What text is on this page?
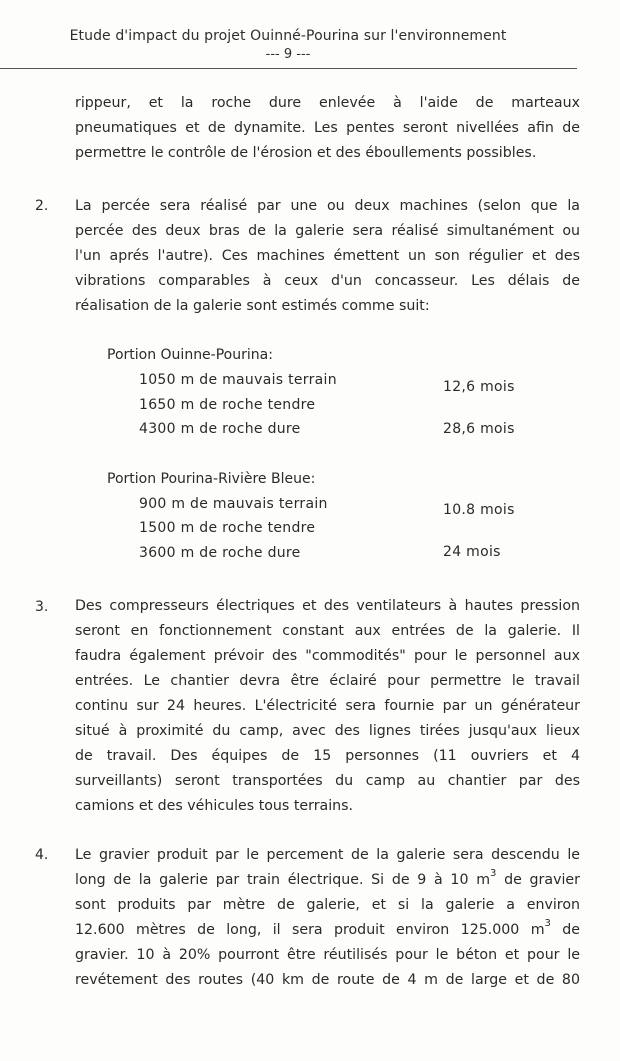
Etude d'impact du projet Ouinné-Pourina sur l'environnement
--- 9 ---
rippeur, et la roche dure enlevée à l'aide de marteaux
pneumatiques et de dynamite. Les pentes seront nivellées afin de
permettre le contrôle de l'érosion et des éboullements possibles.
2. La percée sera réalisé par une ou deux machines (selon que la
percée des deux bras de la galerie sera réalisé simultanément ou
l'un aprés l'autre). Ces machines émettent un son régulier et des
vibrations comparables à ceux d'un concasseur. Les délais de
réalisation de la galerie sont estimés comme suit:
Portion Ouinne-Pourina:
1050 m de mauvais terrain	12,6 mois
1650 m de roche tendre
4300 m de roche dure	28,6 mois
Portion Pourina-Rivière Bleue:
900 m de mauvais terrain	10.8 mois
1500 m de roche tendre
3600 m de roche dure	24 mois
3. Des compresseurs électriques et des ventilateurs à hautes pression
seront en fonctionnement constant aux entrées de la galerie. Il
faudra également prévoir des "commodités" pour le personnel aux
entrées. Le chantier devra être éclairé pour permettre le travail
continu sur 24 heures. L'électricité sera fournie par un générateur
situé à proximité du camp, avec des lignes tirées jusqu'aux lieux
de travail. Des équipes de 15 personnes (11 ouvriers et 4
surveillants) seront transportées du camp au chantier par des
camions et des véhicules tous terrains.
4. Le gravier produit par le percement de la galerie sera descendu le
long de la galerie par train électrique. Si de 9 à 10 $m^3$ de gravier
sont produits par mètre de galerie, et si la galerie a environ
12.600 mètres de long, il sera produit environ 125.000 $m^3$ de
gravier. 10 à 20% pourront être réutilisés pour le béton et pour le
revétement des routes (40 km de route de 4 m de large et de 80
